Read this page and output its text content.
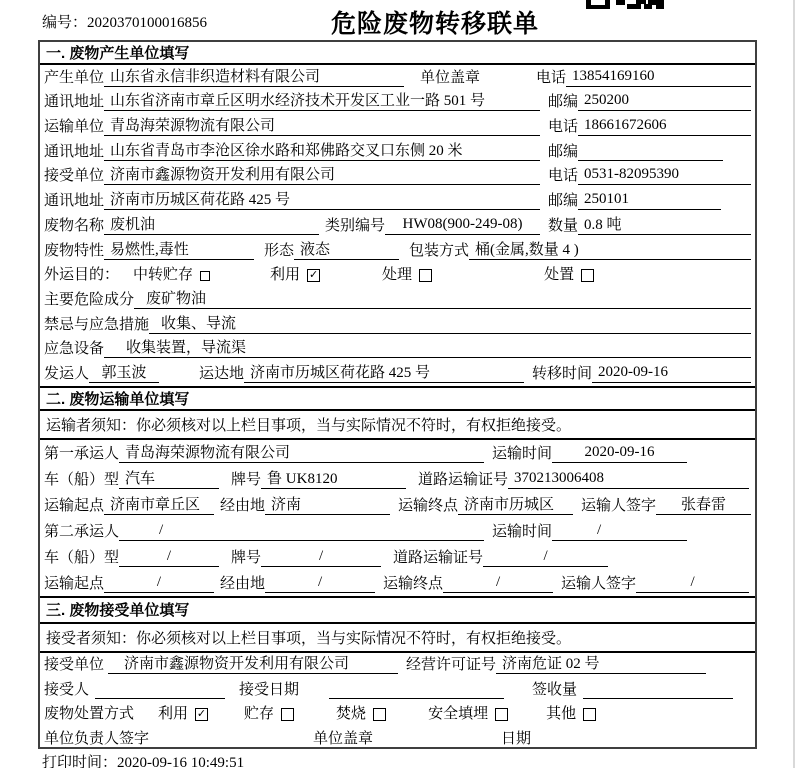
编号：2020370100016856	危险废物转移联单
一. 废物产生单位填写
产生单位 山东省永信非织造材料有限公司	单位盖章	电话 13854169160
通讯地址 山东省济南市章丘区明水经济技术开发区工业一路 501 号	邮编 250200
运输单位 青岛海荣源物流有限公司	电话 18661672606
通讯地址 山东省青岛市李沧区徐水路和郑佛路交叉口东侧 20 米	邮编
接受单位 济南市鑫源物资开发利用有限公司	电话 0531-82095390
通讯地址 济南市历城区荷花路 425 号	邮编 250101
废物名称 废机油	类别编号	HW08(900-249-08)	数量 0.8 吨
废物特性 易燃性,毒性	形态 液态	包装方式 桶(金属,数量 4 )
外运目的： 中转贮存	利用 ✓	处理	处置
主要危险成分 废矿物油
禁忌与应急措施 收集、导流
应急设备	收集装置，导流渠
发运人 郭玉波	运达地 济南市历城区荷花路 425 号	转移时间 2020-09-16
二. 废物运输单位填写
运输者须知：你必须核对以上栏目事项，当与实际情况不符时，有权拒绝接受。
第一承运人 青岛海荣源物流有限公司	运输时间	2020-09-16
车（船）型 汽车	牌号 鲁 UK8120	道路运输证号 370213006408
运输起点 济南市章丘区	经由地 济南	运输终点 济南市历城区	运输人签字	张春雷
第二承运人	/	运输时间	/
车（船）型	/	牌号	/	道路运输证号	/
运输起点	/	经由地	/	运输终点	/	运输人签字	/
三. 废物接受单位填写
接受者须知：你必须核对以上栏目事项，当与实际情况不符时，有权拒绝接受。
接受单位	济南市鑫源物资开发利用有限公司	经营许可证号 济南危证 02 号
接受人	接受日期	签收量
废物处置方式 利用 ✓	贮存	焚烧	安全填埋	其他
单位负责人签字	单位盖章	日期
打印时间：2020-09-16 10:49:51
